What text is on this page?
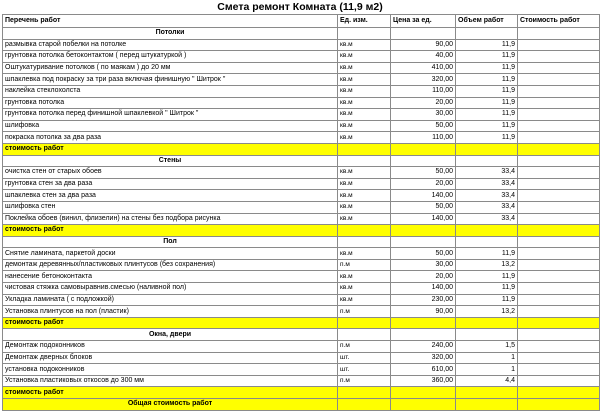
Смета ремонт Комната (11,9 м2)
Перечень работ	Ед. изм.	Цена за ед.	Объем работ	Стоимость работ
Потолки				
размывка старой побелки на потолке	кв.м	90,00	11,9	
грунтовка потолка бетоконтактом ( перед штукатуркой )	кв.м	40,00	11,9	
Оштукатуривание потолков ( по маякам ) до 20 мм	кв.м	410,00	11,9	
шпаклевка под покраску за три раза включая финишную " Шитрок "	кв.м	320,00	11,9	
наклейка стеклохолста	кв.м	110,00	11,9	
грунтовка потолка	кв.м	20,00	11,9	
грунтовка потолка перед финишной шпаклевкой " Шитрок "	кв.м	30,00	11,9	
шлифовка	кв.м	50,00	11,9	
покраска потолка за два раза	кв.м	110,00	11,9	
стоимость работ				
Стены				
очистка стен от старых обоев	кв.м	50,00	33,4	
грунтовка стен за два раза	кв.м	20,00	33,4	
шпаклевка стен за два раза	кв.м	140,00	33,4	
шлифовка стен	кв.м	50,00	33,4	
Поклейка обоев (винил, флизелин) на стены без подбора рисунка	кв.м	140,00	33,4	
стоимость работ				
Пол				
Снятие ламината, паркетой доски	кв.м	50,00	11,9	
демонтаж деревянных/пластиковых плинтусов (без сохранения)	п.м	30,00	13,2	
нанесение бетоноконтакта	кв.м	20,00	11,9	
чистовая стяжка самовыравнив.смесью (наливной пол)	кв.м	140,00	11,9	
Укладка ламината ( с подложкой)	кв.м	230,00	11,9	
Установка плинтусов на пол (пластик)	п.м	90,00	13,2	
стоимость работ				
Окна, двери				
Демонтаж подоконников	п.м	240,00	1,5	
Демонтаж дверных блоков	шт.	320,00	1	
установка подоконников	шт.	610,00	1	
Установка пластиковых откосов до 300 мм	п.м	360,00	4,4	
стоимость работ				
Общая стоимость работ				
